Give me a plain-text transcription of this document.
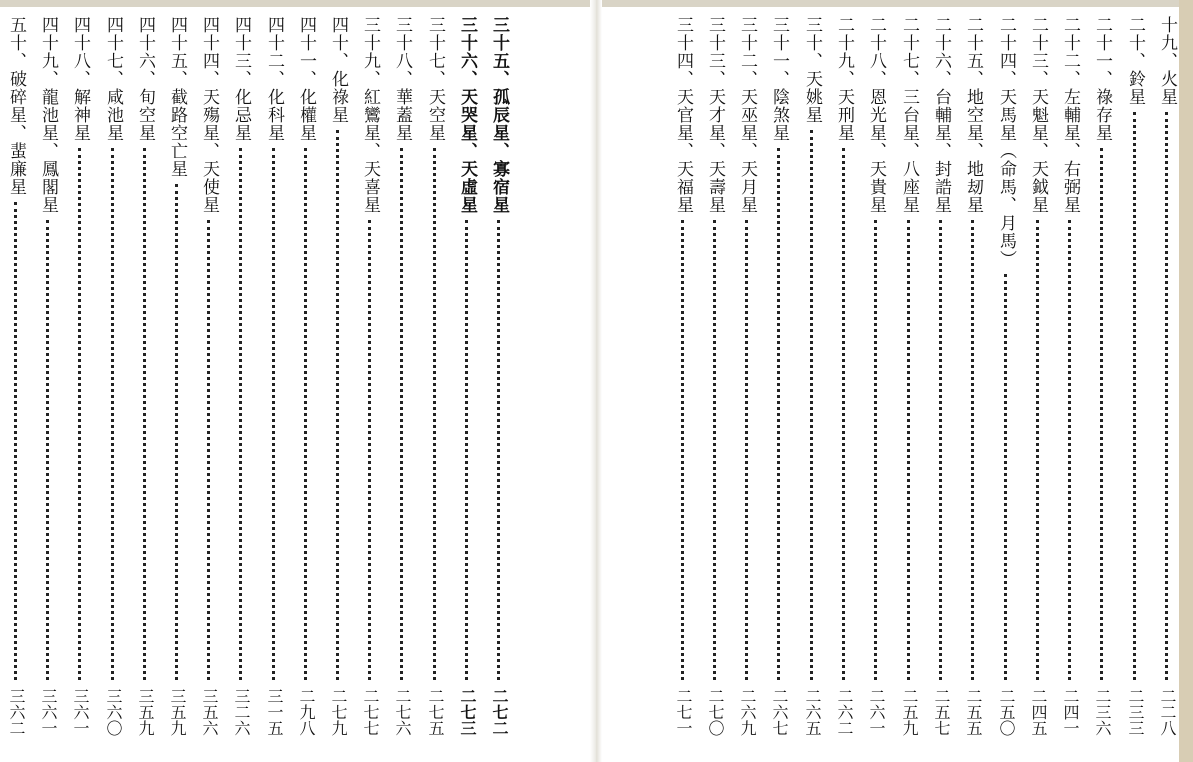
三十五、孤辰星、寡宿星
二七二
三十六、天哭星、天虛星
二七三
三十七、天空星
二七五
三十八、華蓋星
二七六
三十九、紅鸞星、天喜星
二七七
四十、化祿星
二七九
四十一、化權星
二九八
四十二、化科星
三一五
四十三、化忌星
三二六
四十四、天殤星、天使星
三五六
四十五、截路空亡星
三五九
四十六、旬空星
三五九
四十七、咸池星
三六〇
四十八、解神星
三六一
四十九、龍池星、鳳閣星
三六一
五十、破碎星、蜚廉星
三六二
十九、火星
二二八
二十、鈴星
二三三
二十一、祿存星
二三六
二十二、左輔星、右弼星
二四一
二十三、天魁星、天鉞星
二四五
二十四、天馬星（命馬、月馬）
二五〇
二十五、地空星、地刼星
二五五
二十六、台輔星、封誥星
二五七
二十七、三台星、八座星
二五九
二十八、恩光星、天貴星
二六一
二十九、天刑星
二六二
三十、天姚星
二六五
三十一、陰煞星
二六七
三十二、天巫星、天月星
二六九
三十三、天才星、天壽星
二七〇
三十四、天官星、天福星
二七一
